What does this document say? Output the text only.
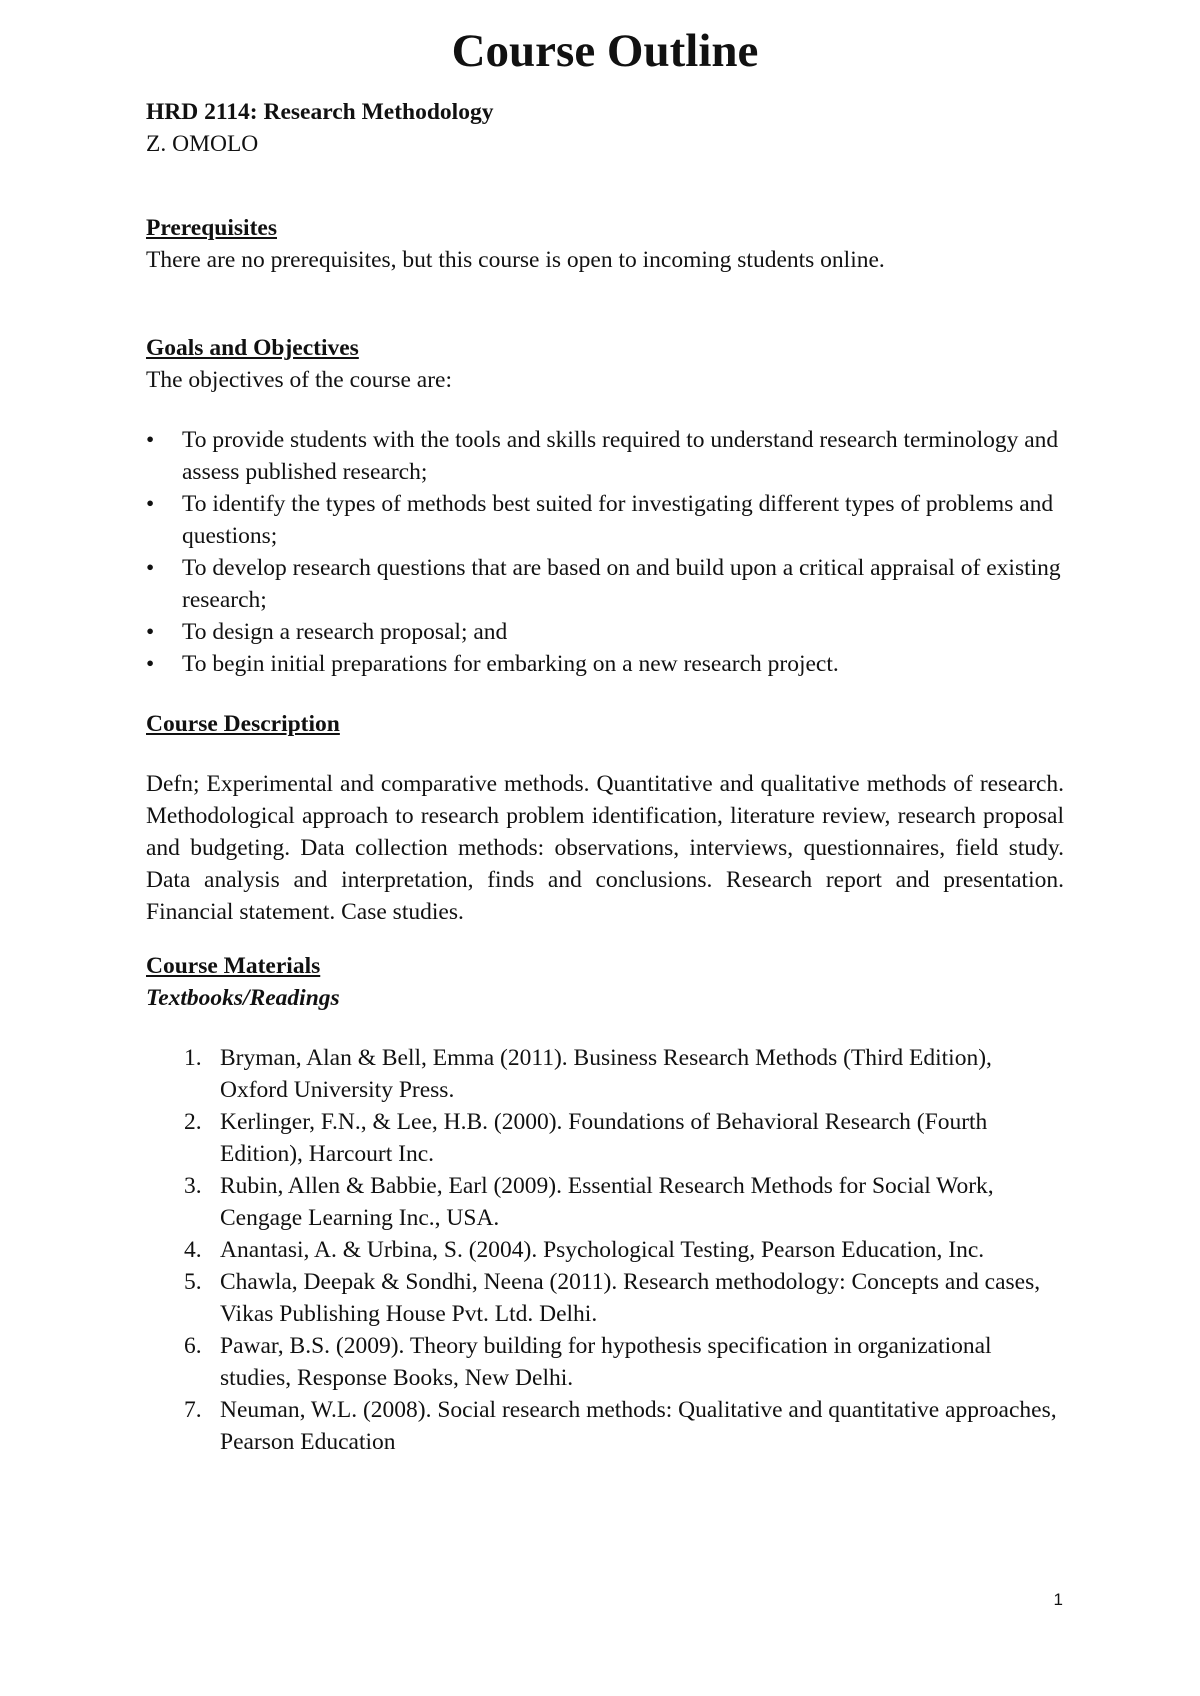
Course Outline

HRD 2114: Research Methodology

Z. OMOLO

Prerequisites

There are no prerequisites, but this course is open to incoming students online.

Goals and Objectives

The objectives of the course are:

•	To provide students with the tools and skills required to understand research terminology and assess published research;
•	To identify the types of methods best suited for investigating different types of problems and questions;
•	To develop research questions that are based on and build upon a critical appraisal of existing research;
•	To design a research proposal; and
•	To begin initial preparations for embarking on a new research project.

Course Description

Defn; Experimental and comparative methods. Quantitative and qualitative methods of research. Methodological approach to research problem identification, literature review, research proposal and budgeting. Data collection methods: observations, interviews, questionnaires, field study. Data analysis and interpretation, finds and conclusions. Research report and presentation. Financial statement. Case studies.

Course Materials

Textbooks/Readings

1. Bryman, Alan & Bell, Emma (2011). Business Research Methods (Third Edition), Oxford University Press.
2. Kerlinger, F.N., & Lee, H.B. (2000). Foundations of Behavioral Research (Fourth Edition), Harcourt Inc.
3. Rubin, Allen & Babbie, Earl (2009). Essential Research Methods for Social Work, Cengage Learning Inc., USA.
4. Anantasi, A. & Urbina, S. (2004). Psychological Testing, Pearson Education, Inc.
5. Chawla, Deepak & Sondhi, Neena (2011). Research methodology: Concepts and cases, Vikas Publishing House Pvt. Ltd. Delhi.
6. Pawar, B.S. (2009). Theory building for hypothesis specification in organizational studies, Response Books, New Delhi.
7. Neuman, W.L. (2008). Social research methods: Qualitative and quantitative approaches, Pearson Education
1
